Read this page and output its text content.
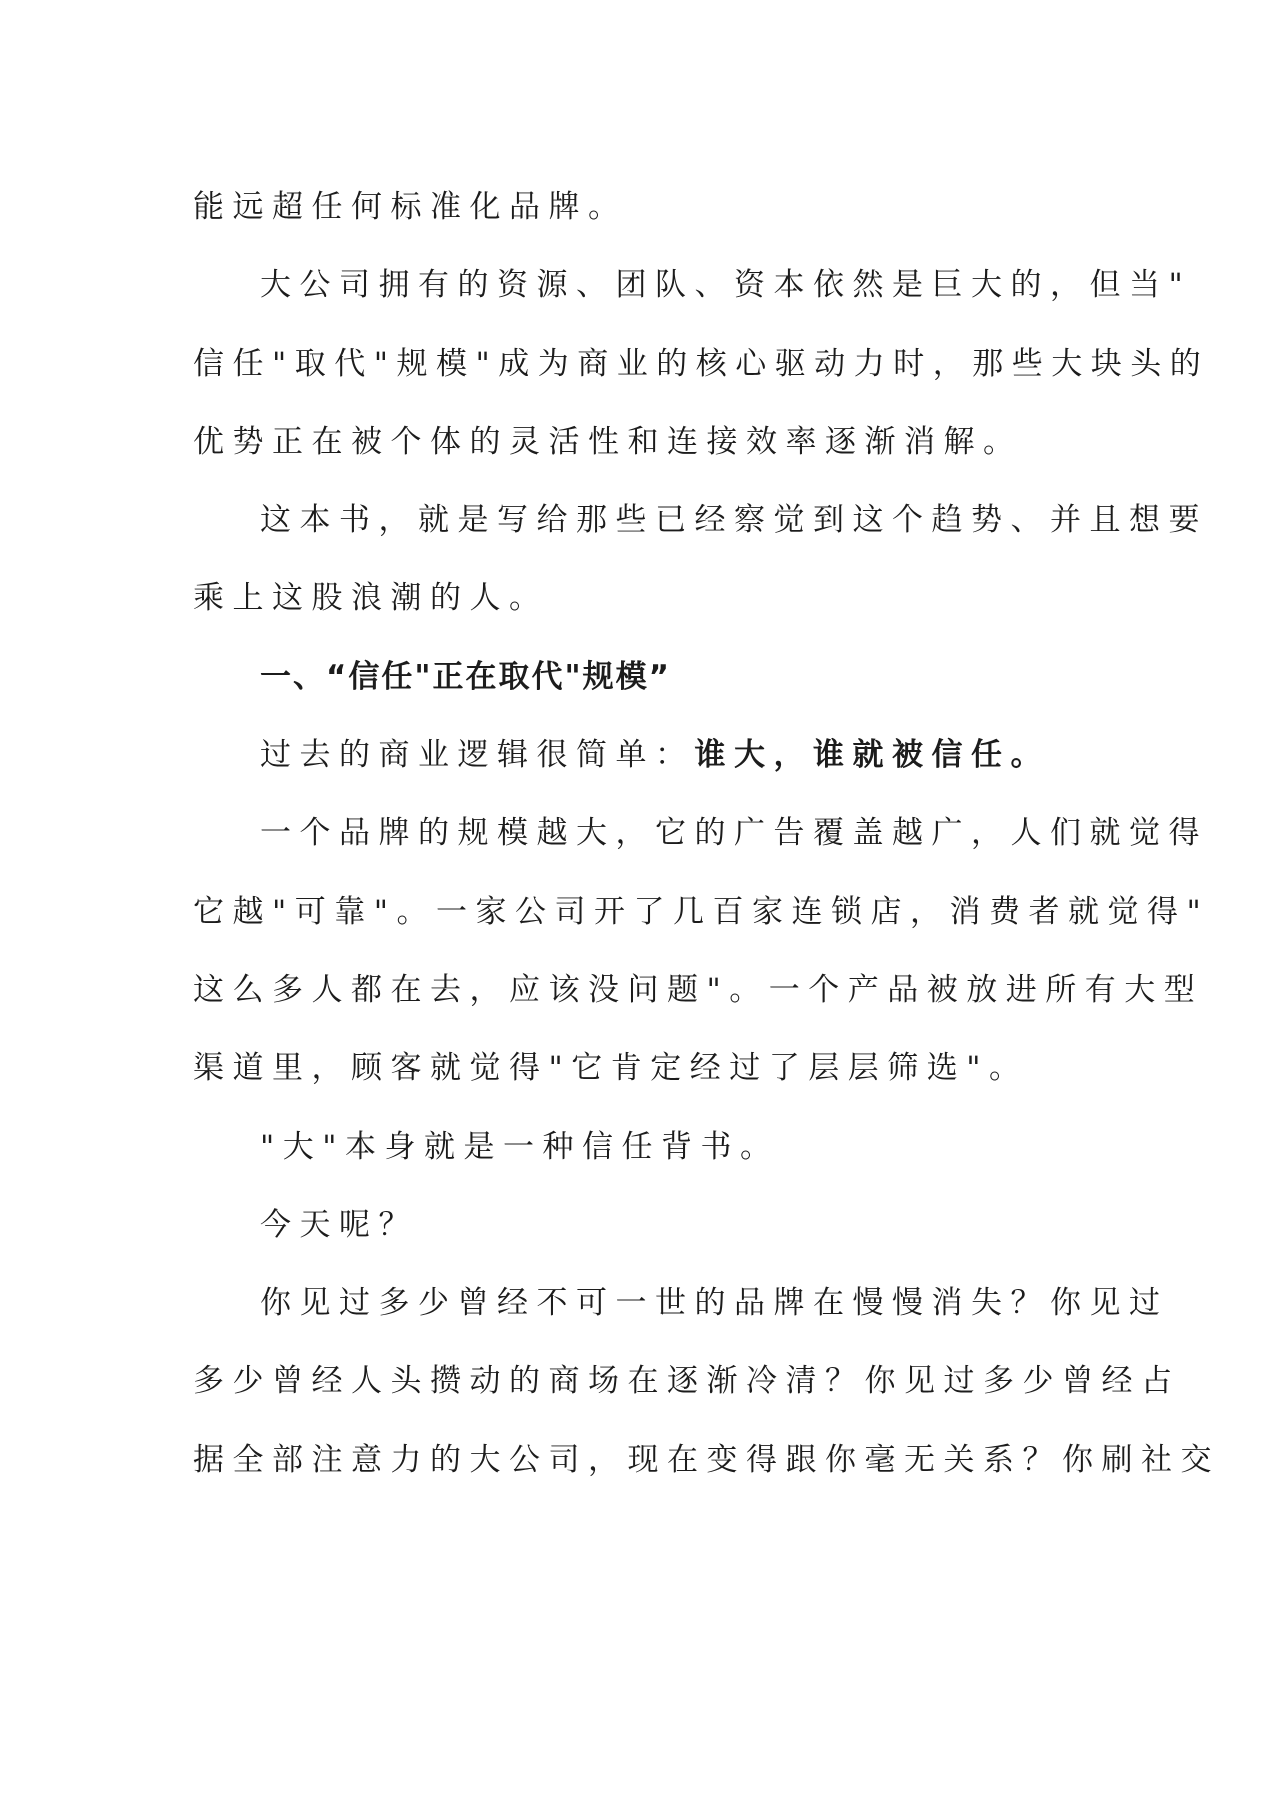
能远超任何标准化品牌。
大公司拥有的资源、团队、资本依然是巨大的，但当"
信任"取代"规模"成为商业的核心驱动力时，那些大块头的
优势正在被个体的灵活性和连接效率逐渐消解。
这本书，就是写给那些已经察觉到这个趋势、并且想要
乘上这股浪潮的人。
一、“信任"正在取代"规模”
过去的商业逻辑很简单：谁大，谁就被信任。
一个品牌的规模越大，它的广告覆盖越广，人们就觉得
它越"可靠"。一家公司开了几百家连锁店，消费者就觉得"
这么多人都在去，应该没问题"。一个产品被放进所有大型
渠道里，顾客就觉得"它肯定经过了层层筛选"。
"大"本身就是一种信任背书。
今天呢？
你见过多少曾经不可一世的品牌在慢慢消失？你见过
多少曾经人头攒动的商场在逐渐冷清？你见过多少曾经占
据全部注意力的大公司，现在变得跟你毫无关系？你刷社交
